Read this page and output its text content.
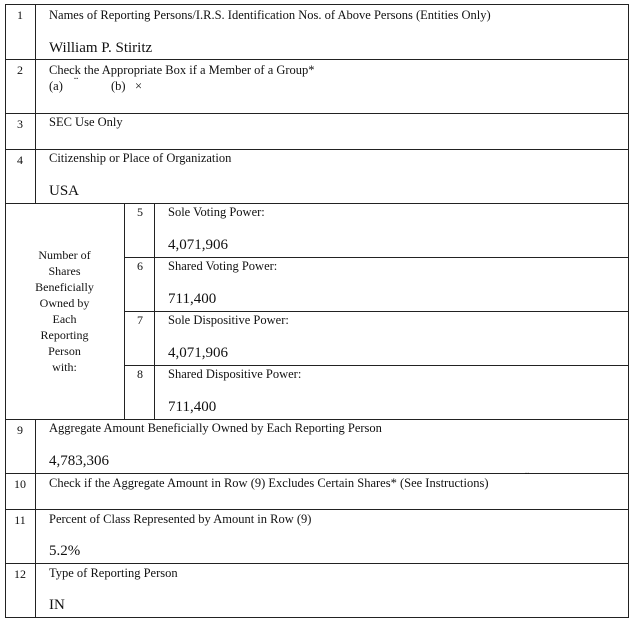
1	Names of Reporting Persons/I.R.S. Identification Nos. of Above Persons (Entities Only)
William P. Stiritz
2	Check the Appropriate Box if a Member of a Group*
(a) ¨	(b) ×
3	SEC Use Only
4	Citizenship or Place of Organization
USA
Number of
Shares
Beneficially
Owned by
Each
Reporting
Person
with:
5	Sole Voting Power:
4,071,906
6	Shared Voting Power:
711,400
7	Sole Dispositive Power:
4,071,906
8	Shared Dispositive Power:
711,400
9	Aggregate Amount Beneficially Owned by Each Reporting Person
4,783,306
10	Check if the Aggregate Amount in Row (9) Excludes Certain Shares* (See Instructions)	¨
11	Percent of Class Represented by Amount in Row (9)
5.2%
12	Type of Reporting Person
IN
